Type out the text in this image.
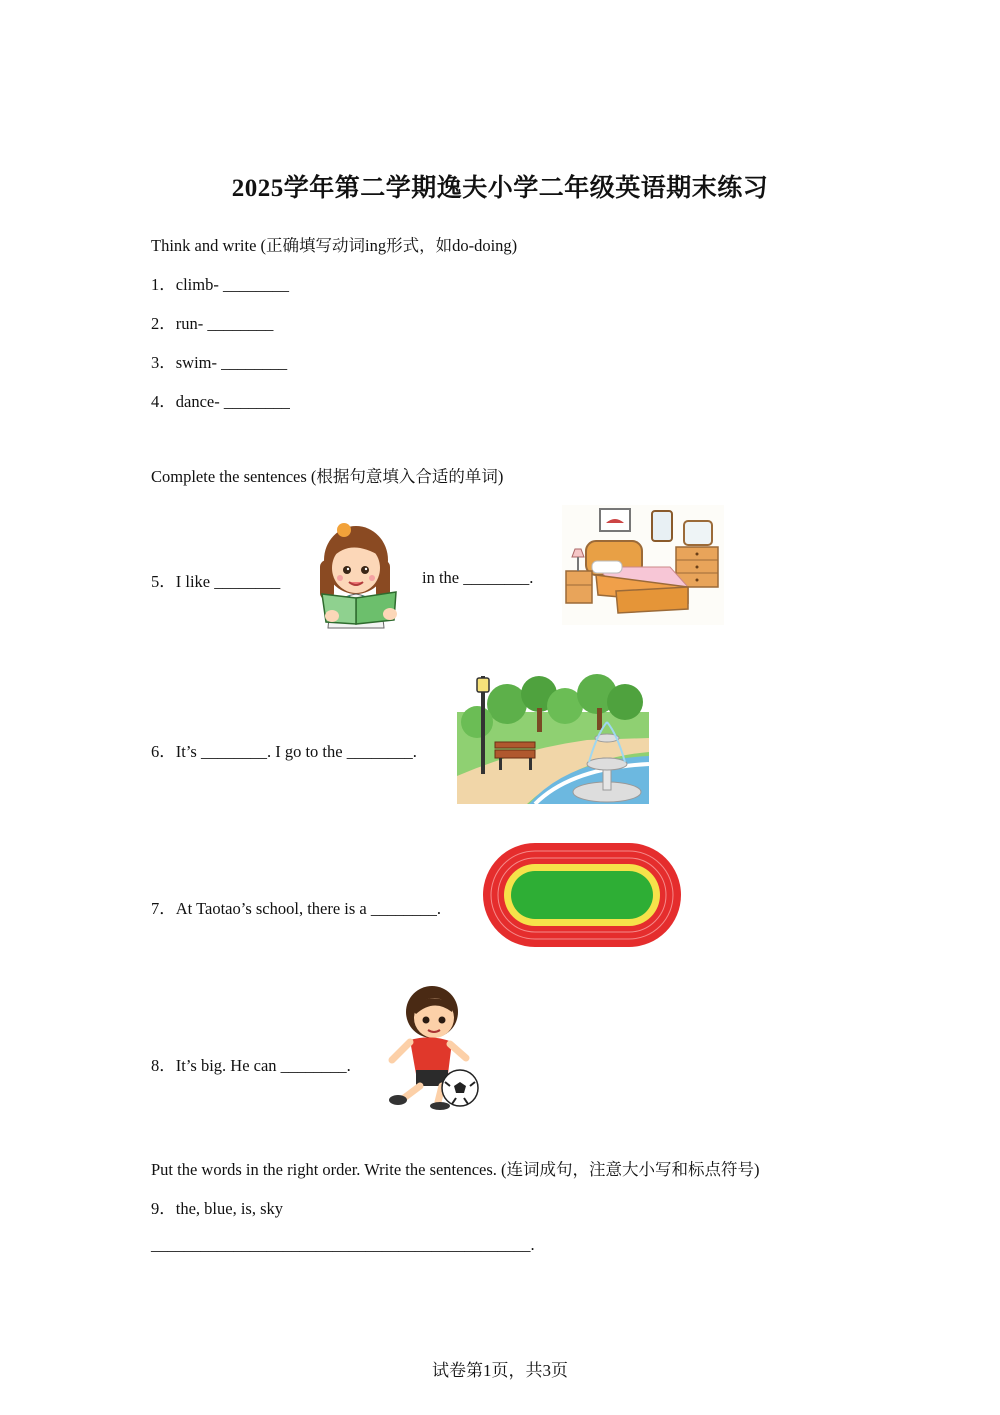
2025学年第二学期逸夫小学二年级英语期末练习
Think and write (正确填写动词ing形式，如do-doing)
1．climb- ________
2．run- ________
3．swim- ________
4．dance- ________
Complete the sentences (根据句意填入合适的单词)
5．I like ________	in the ________.
6．It’s ________. I go to the ________.
7．At Taotao’s school, there is a ________.
8．It’s big. He can ________.
Put the words in the right order. Write the sentences. (连词成句，注意大小写和标点符号)
9．the, blue, is, sky
______________________________________________.
试卷第1页，共3页
